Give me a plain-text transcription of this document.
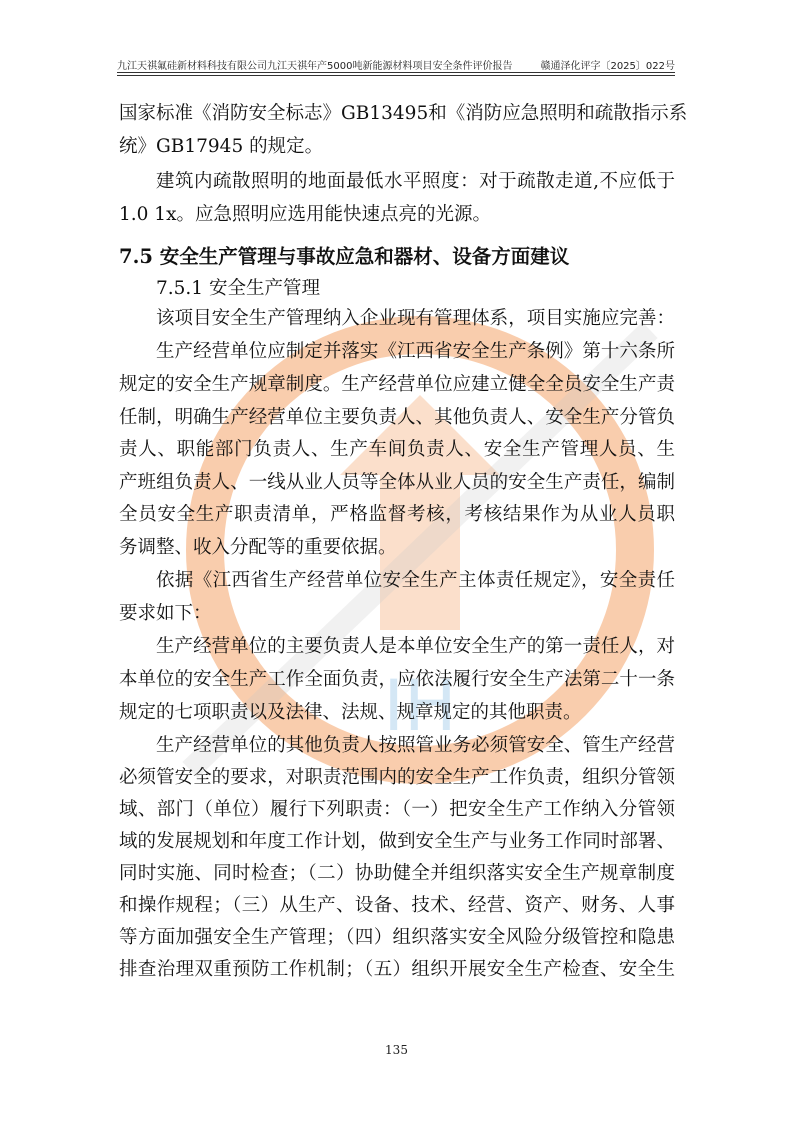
九江天祺氟硅新材料科技有限公司九江天祺年产5000吨新能源材料项目安全条件评价报告	赣通泽化评字〔2025〕022号
IH
国家标准《消防安全标志》GB13495和《消防应急照明和疏散指示系
统》GB17945 的规定。
建筑内疏散照明的地面最低水平照度：对于疏散走道,不应低于
1.0 1x。应急照明应选用能快速点亮的光源。
7.5 安全生产管理与事故应急和器材、设备方面建议
7.5.1 安全生产管理
该项目安全生产管理纳入企业现有管理体系，项目实施应完善：
生产经营单位应制定并落实《江西省安全生产条例》第十六条所
规定的安全生产规章制度。生产经营单位应建立健全全员安全生产责
任制，明确生产经营单位主要负责人、其他负责人、安全生产分管负
责人、职能部门负责人、生产车间负责人、安全生产管理人员、生
产班组负责人、一线从业人员等全体从业人员的安全生产责任，编制
全员安全生产职责清单，严格监督考核，考核结果作为从业人员职
务调整、收入分配等的重要依据。
依据《江西省生产经营单位安全生产主体责任规定》，安全责任
要求如下：
生产经营单位的主要负责人是本单位安全生产的第一责任人，对
本单位的安全生产工作全面负责，应依法履行安全生产法第二十一条
规定的七项职责以及法律、法规、规章规定的其他职责。
生产经营单位的其他负责人按照管业务必须管安全、管生产经营
必须管安全的要求，对职责范围内的安全生产工作负责，组织分管领
域、部门（单位）履行下列职责：（一）把安全生产工作纳入分管领
域的发展规划和年度工作计划，做到安全生产与业务工作同时部署、
同时实施、同时检查；（二）协助健全并组织落实安全生产规章制度
和操作规程；（三）从生产、设备、技术、经营、资产、财务、人事
等方面加强安全生产管理；（四）组织落实安全风险分级管控和隐患
排查治理双重预防工作机制；（五）组织开展安全生产检查、安全生
135
